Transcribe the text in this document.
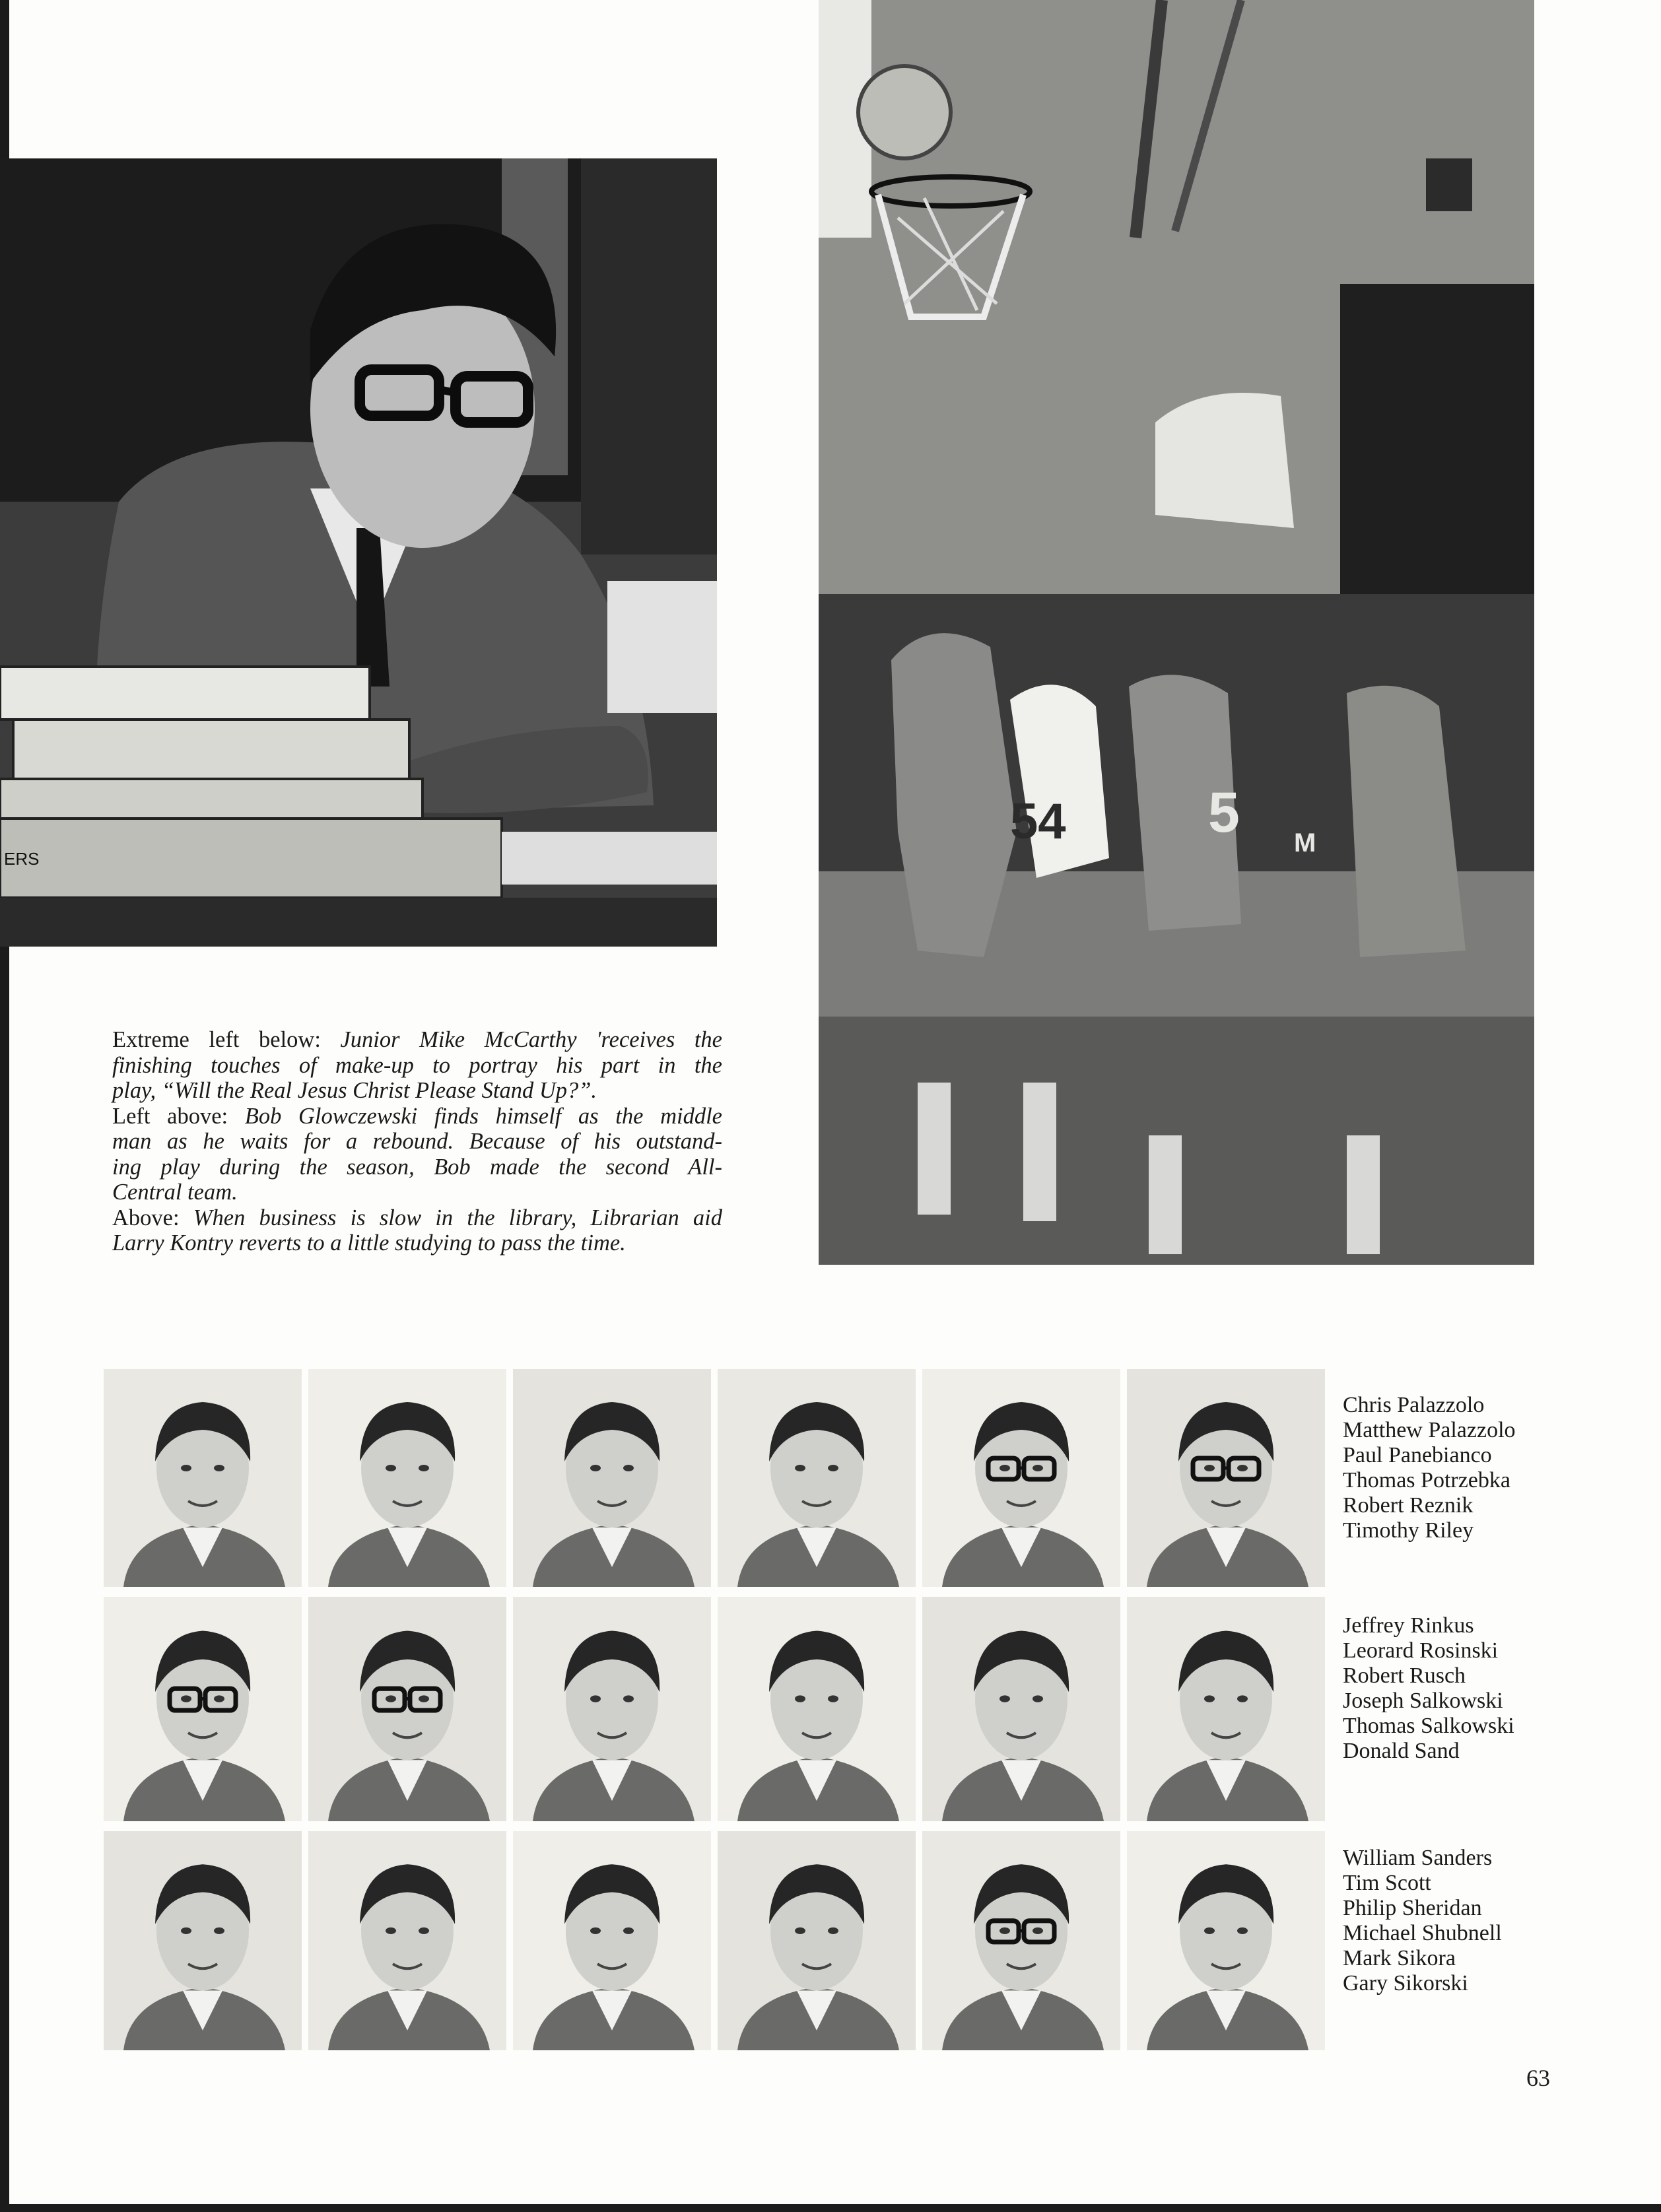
ERS
54	5 M

Extreme left below: Junior Mike McCarthy 'receives the

finishing touches of make-up to portray his part in the

play, “Will the Real Jesus Christ Please Stand Up?”.

Left above: Bob Glowczewski finds himself as the middle

man as he waits for a rebound. Because of his outstand-

ing play during the season, Bob made the second All-

Central team.

Above: When business is slow in the library, Librarian aid

Larry Kontry reverts to a little studying to pass the time.

Chris Palazzolo
Matthew Palazzolo
Paul Panebianco
Thomas Potrzebka
Robert Reznik
Timothy Riley
Jeffrey Rinkus
Leorard Rosinski
Robert Rusch
Joseph Salkowski
Thomas Salkowski
Donald Sand
William Sanders
Tim Scott
Philip Sheridan
Michael Shubnell
Mark Sikora
Gary Sikorski
63
